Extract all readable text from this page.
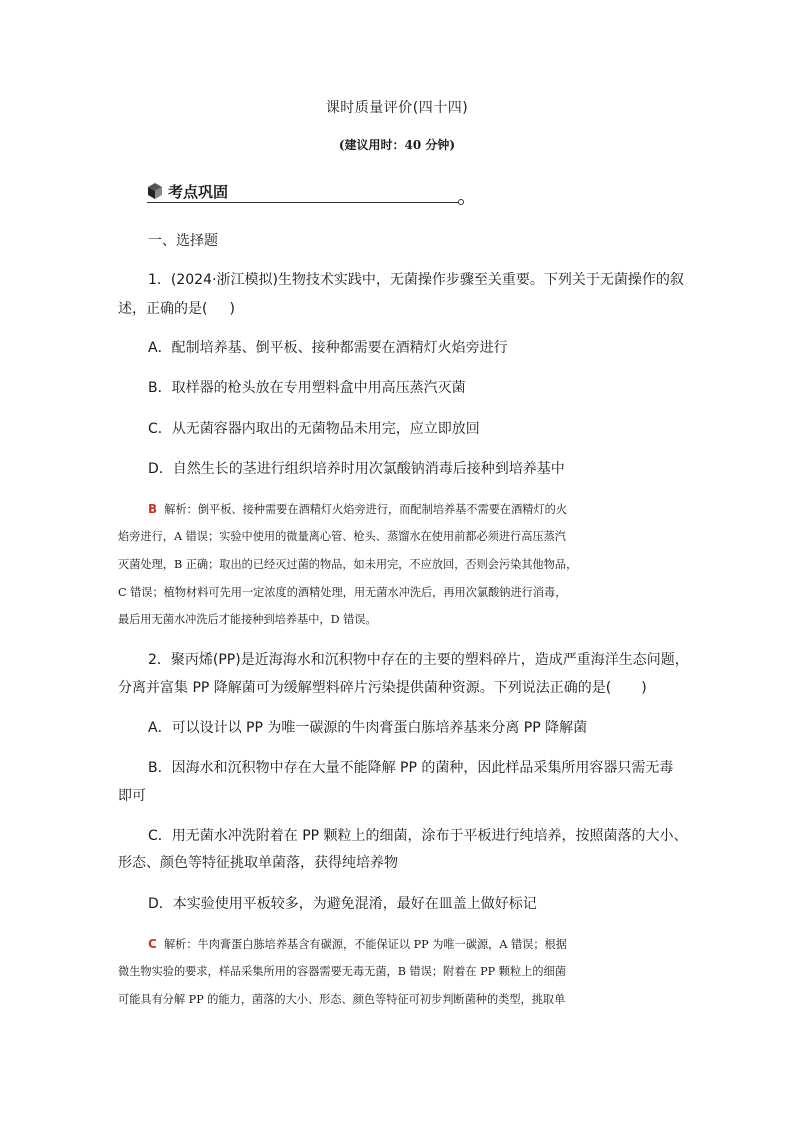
课时质量评价(四十四)
(建议用时：40 分钟)
考点巩固
一、选择题
1．(2024·浙江模拟)生物技术实践中，无菌操作步骤至关重要。下列关于无菌操作的叙
述，正确的是( )
A．配制培养基、倒平板、接种都需要在酒精灯火焰旁进行
B．取样器的枪头放在专用塑料盒中用高压蒸汽灭菌
C．从无菌容器内取出的无菌物品未用完，应立即放回
D．自然生长的茎进行组织培养时用次氯酸钠消毒后接种到培养基中
B 解析：倒平板、接种需要在酒精灯火焰旁进行，而配制培养基不需要在酒精灯的火
焰旁进行，A 错误；实验中使用的微量离心管、枪头、蒸馏水在使用前都必须进行高压蒸汽
灭菌处理，B 正确；取出的已经灭过菌的物品，如未用完，不应放回，否则会污染其他物品，
C 错误；植物材料可先用一定浓度的酒精处理，用无菌水冲洗后，再用次氯酸钠进行消毒，
最后用无菌水冲洗后才能接种到培养基中，D 错误。
2．聚丙烯(PP)是近海海水和沉积物中存在的主要的塑料碎片，造成严重海洋生态问题，
分离并富集 PP 降解菌可为缓解塑料碎片污染提供菌种资源。下列说法正确的是( )
A．可以设计以 PP 为唯一碳源的牛肉膏蛋白胨培养基来分离 PP 降解菌
B．因海水和沉积物中存在大量不能降解 PP 的菌种，因此样品采集所用容器只需无毒
即可
C．用无菌水冲洗附着在 PP 颗粒上的细菌，涂布于平板进行纯培养，按照菌落的大小、
形态、颜色等特征挑取单菌落，获得纯培养物
D．本实验使用平板较多，为避免混淆，最好在皿盖上做好标记
C 解析：牛肉膏蛋白胨培养基含有碳源，不能保证以 PP 为唯一碳源，A 错误；根据
微生物实验的要求，样品采集所用的容器需要无毒无菌，B 错误；附着在 PP 颗粒上的细菌
可能具有分解 PP 的能力，菌落的大小、形态、颜色等特征可初步判断菌种的类型，挑取单
